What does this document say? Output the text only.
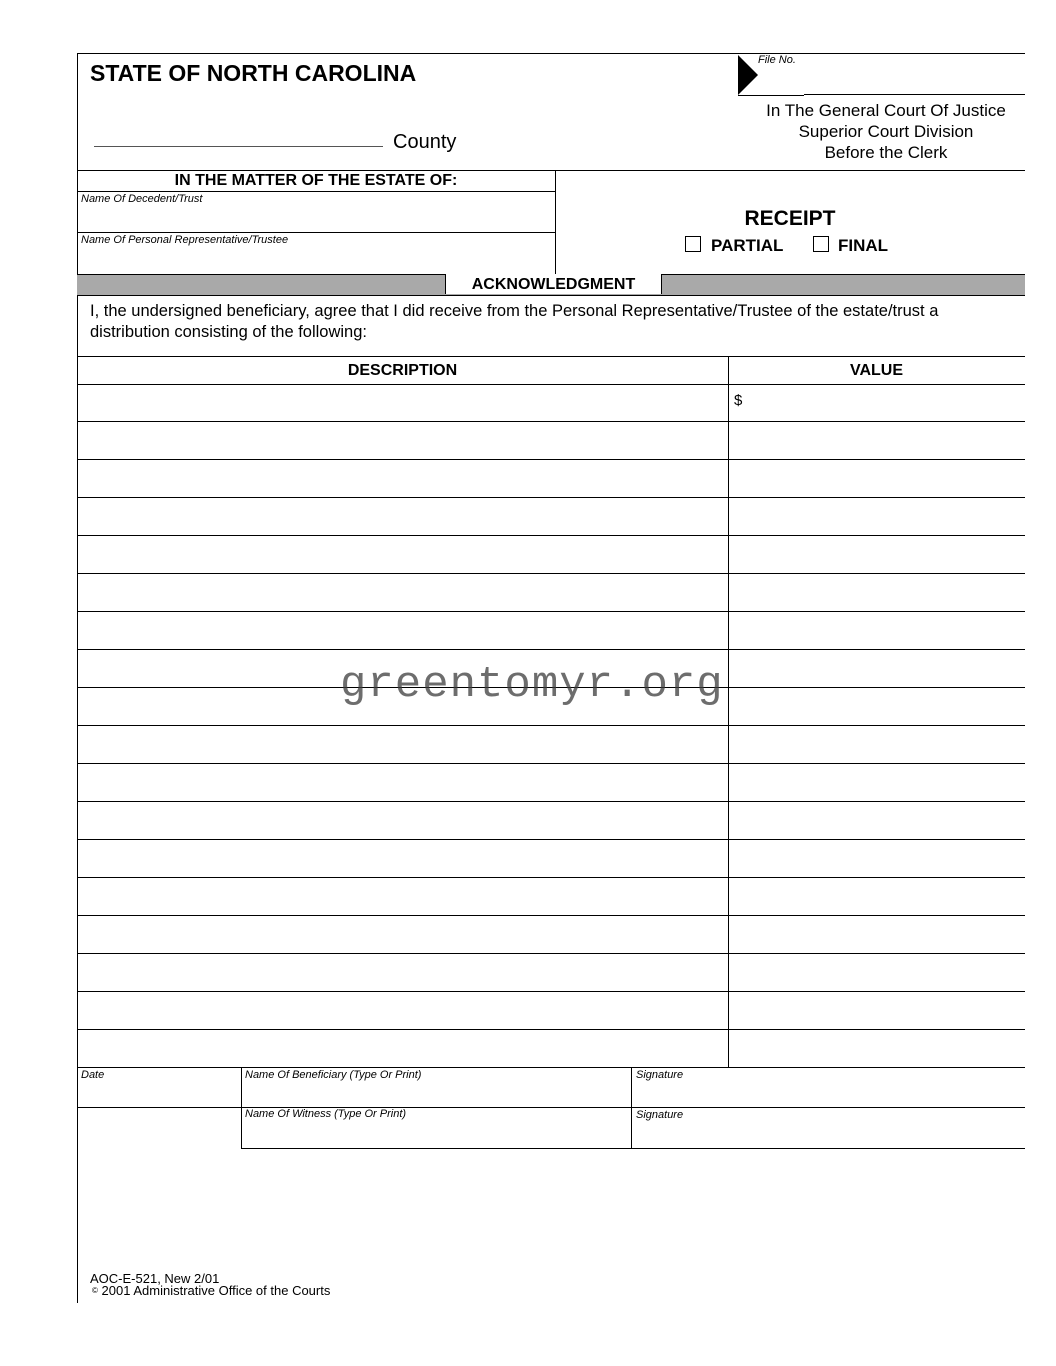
STATE OF NORTH CAROLINA
County
File No.
In The General Court Of Justice
Superior Court Division
Before the Clerk
IN THE MATTER OF THE ESTATE OF:
Name Of Decedent/Trust
Name Of Personal Representative/Trustee
RECEIPT
PARTIAL	FINAL
ACKNOWLEDGMENT
I, the undersigned beneficiary, agree that I did receive from the Personal Representative/Trustee of the estate/trust a distribution consisting of the following:
DESCRIPTION	VALUE
$
greentomyr.org
Date	Name Of Beneficiary (Type Or Print)	Signature
Name Of Witness (Type Or Print)	Signature
AOC-E-521, New 2/01
© 2001 Administrative Office of the Courts
